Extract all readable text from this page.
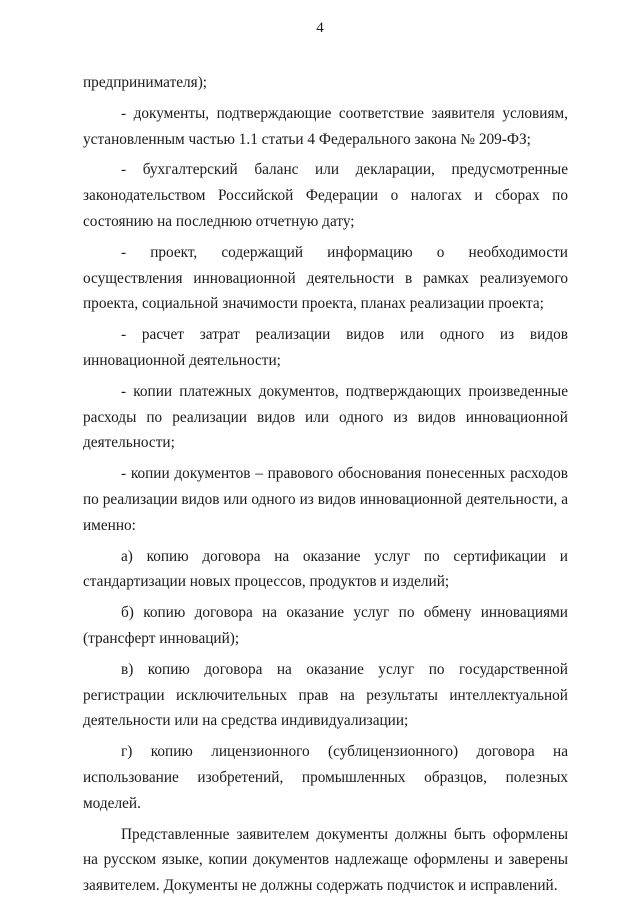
4

предпринимателя);

- документы, подтверждающие соответствие заявителя условиям, установленным частью 1.1 статьи 4 Федерального закона № 209-ФЗ;

- бухгалтерский баланс или декларации, предусмотренные законодательством Российской Федерации о налогах и сборах по состоянию на последнюю отчетную дату;

- проект, содержащий информацию о необходимости осуществления инновационной деятельности в рамках реализуемого проекта, социальной значимости проекта, планах реализации проекта;

- расчет затрат реализации видов или одного из видов инновационной деятельности;

- копии платежных документов, подтверждающих произведенные расходы по реализации видов или одного из видов инновационной деятельности;

- копии документов – правового обоснования понесенных расходов по реализации видов или одного из видов инновационной деятельности, а именно:

а) копию договора на оказание услуг по сертификации и стандартизации новых процессов, продуктов и изделий;

б) копию договора на оказание услуг по обмену инновациями (трансферт инноваций);

в) копию договора на оказание услуг по государственной регистрации исключительных прав на результаты интеллектуальной деятельности или на средства индивидуализации;

г) копию лицензионного (сублицензионного) договора на использование изобретений, промышленных образцов, полезных моделей.

Представленные заявителем документы должны быть оформлены на русском языке, копии документов надлежаще оформлены и заверены заявителем. Документы не должны содержать подчисток и исправлений.
